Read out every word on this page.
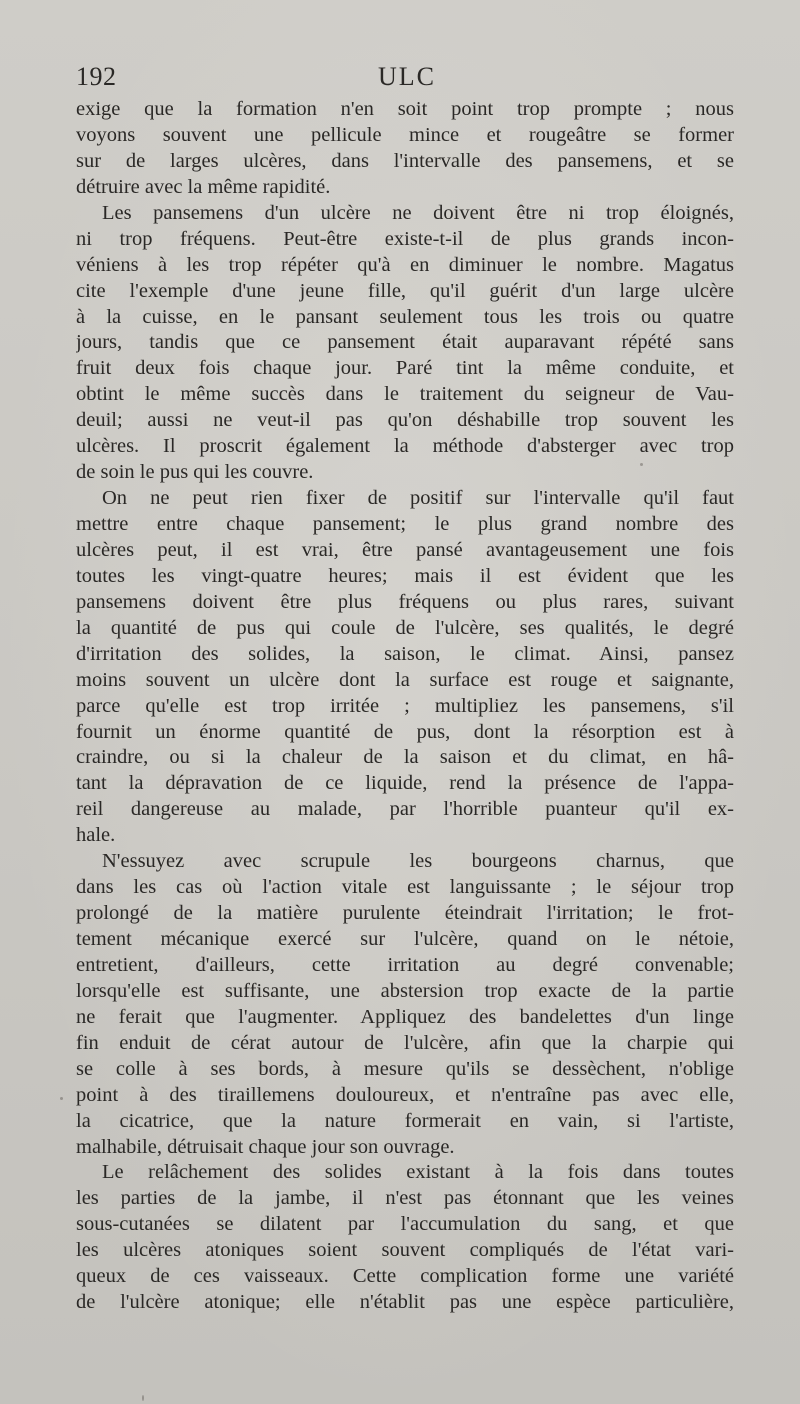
192	ULC
exige que la formation n'en soit point trop prompte ; nous
voyons souvent une pellicule mince et rougeâtre se former
sur de larges ulcères, dans l'intervalle des pansemens, et se
détruire avec la même rapidité.
Les pansemens d'un ulcère ne doivent être ni trop éloignés,
ni trop fréquens. Peut-être existe-t-il de plus grands incon-
véniens à les trop répéter qu'à en diminuer le nombre. Magatus
cite l'exemple d'une jeune fille, qu'il guérit d'un large ulcère
à la cuisse, en le pansant seulement tous les trois ou quatre
jours, tandis que ce pansement était auparavant répété sans
fruit deux fois chaque jour. Paré tint la même conduite, et
obtint le même succès dans le traitement du seigneur de Vau-
deuil; aussi ne veut-il pas qu'on déshabille trop souvent les
ulcères. Il proscrit également la méthode d'absterger avec trop
de soin le pus qui les couvre.
On ne peut rien fixer de positif sur l'intervalle qu'il faut
mettre entre chaque pansement; le plus grand nombre des
ulcères peut, il est vrai, être pansé avantageusement une fois
toutes les vingt-quatre heures; mais il est évident que les
pansemens doivent être plus fréquens ou plus rares, suivant
la quantité de pus qui coule de l'ulcère, ses qualités, le degré
d'irritation des solides, la saison, le climat. Ainsi, pansez
moins souvent un ulcère dont la surface est rouge et saignante,
parce qu'elle est trop irritée ; multipliez les pansemens, s'il
fournit un énorme quantité de pus, dont la résorption est à
craindre, ou si la chaleur de la saison et du climat, en hâ-
tant la dépravation de ce liquide, rend la présence de l'appa-
reil dangereuse au malade, par l'horrible puanteur qu'il ex-
hale.
N'essuyez avec scrupule les bourgeons charnus, que
dans les cas où l'action vitale est languissante ; le séjour trop
prolongé de la matière purulente éteindrait l'irritation; le frot-
tement mécanique exercé sur l'ulcère, quand on le nétoie,
entretient, d'ailleurs, cette irritation au degré convenable;
lorsqu'elle est suffisante, une abstersion trop exacte de la partie
ne ferait que l'augmenter. Appliquez des bandelettes d'un linge
fin enduit de cérat autour de l'ulcère, afin que la charpie qui
se colle à ses bords, à mesure qu'ils se dessèchent, n'oblige
point à des tiraillemens douloureux, et n'entraîne pas avec elle,
la cicatrice, que la nature formerait en vain, si l'artiste,
malhabile, détruisait chaque jour son ouvrage.
Le relâchement des solides existant à la fois dans toutes
les parties de la jambe, il n'est pas étonnant que les veines
sous-cutanées se dilatent par l'accumulation du sang, et que
les ulcères atoniques soient souvent compliqués de l'état vari-
queux de ces vaisseaux. Cette complication forme une variété
de l'ulcère atonique; elle n'établit pas une espèce particulière,
